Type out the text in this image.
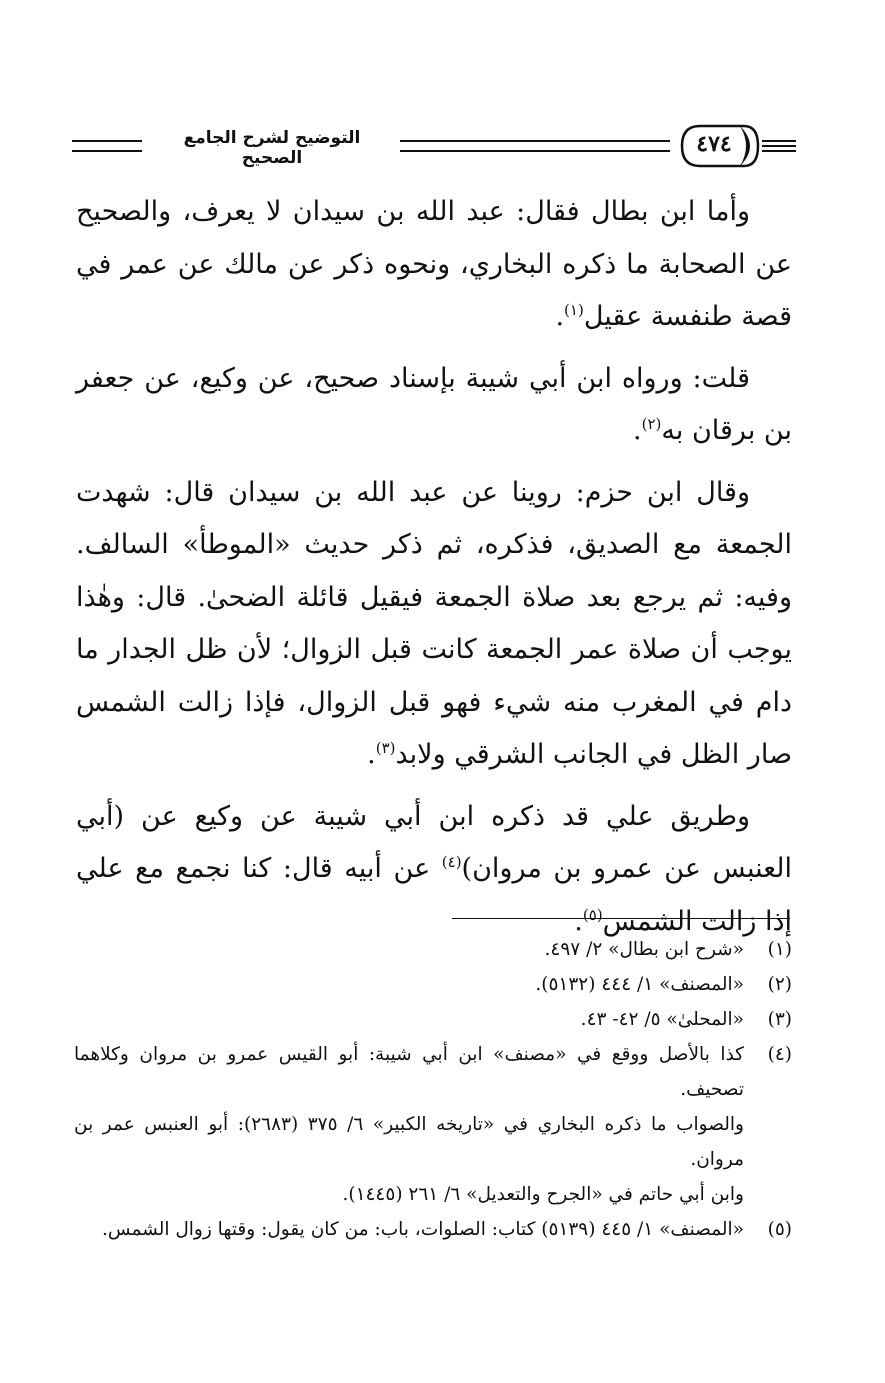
التوضيح لشرح الجامع الصحيح
٤٧٤

وأما ابن بطال فقال: عبد الله بن سيدان لا يعرف، والصحيح عن الصحابة ما ذكره البخاري، ونحوه ذكر عن مالك عن عمر في قصة طنفسة عقيل$^{(١)}$.

قلت: ورواه ابن أبي شيبة بإسناد صحيح، عن وكيع، عن جعفر بن برقان به$^{(٢)}$.

وقال ابن حزم: روينا عن عبد الله بن سيدان قال: شهدت الجمعة مع الصديق، فذكره، ثم ذكر حديث «الموطأ» السالف. وفيه: ثم يرجع بعد صلاة الجمعة فيقيل قائلة الضحىٰ. قال: وهٰذا يوجب أن صلاة عمر الجمعة كانت قبل الزوال؛ لأن ظل الجدار ما دام في المغرب منه شيء فهو قبل الزوال، فإذا زالت الشمس صار الظل في الجانب الشرقي ولابد$^{(٣)}$.

وطريق علي قد ذكره ابن أبي شيبة عن وكيع عن (أبي العنبس عن عمرو بن مروان)$^{(٤)}$ عن أبيه قال: كنا نجمع مع علي إذا زالت الشمس$^{(٥)}$.

(١)
«شرح ابن بطال» ٢/ ٤٩٧.
(٢)
«المصنف» ١/ ٤٤٤ (٥١٣٢).
(٣)
«المحلىٰ» ٥/ ٤٢- ٤٣.
(٤)
كذا بالأصل ووقع في «مصنف» ابن أبي شيبة: أبو القيس عمرو بن مروان وكلاهما تصحيف.
والصواب ما ذكره البخاري في «تاريخه الكبير» ٦/ ٣٧٥ (٢٦٨٣): أبو العنبس عمر بن مروان.
وابن أبي حاتم في «الجرح والتعديل» ٦/ ٢٦١ (١٤٤٥).
(٥)
«المصنف» ١/ ٤٤٥ (٥١٣٩) كتاب: الصلوات، باب: من كان يقول: وقتها زوال الشمس.
